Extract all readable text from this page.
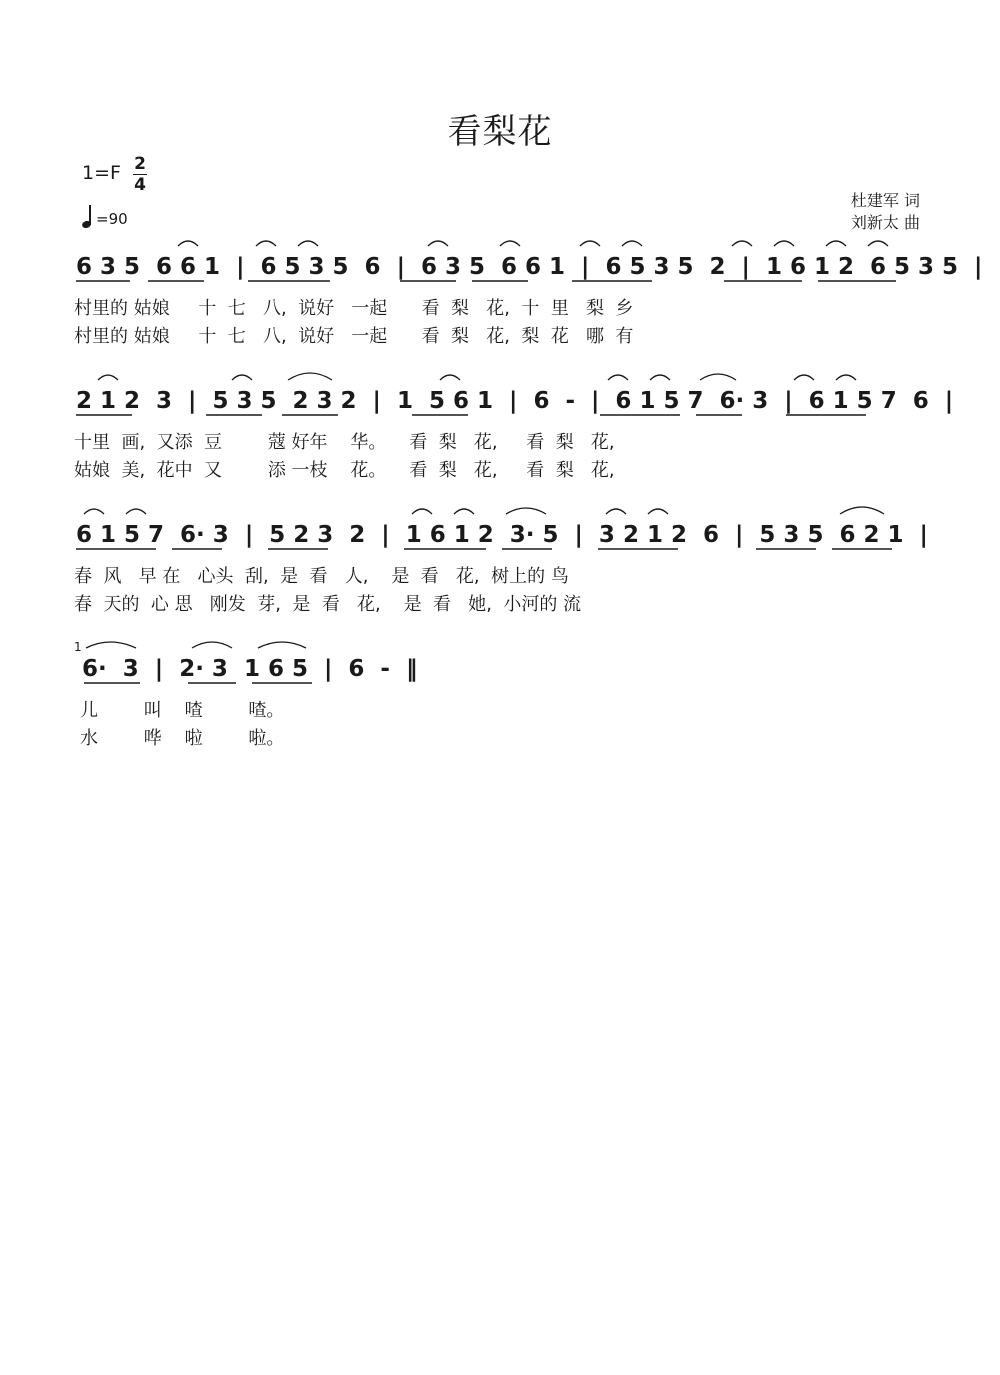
看梨花
1=F 2
4
=90
杜建军 词
刘新太 曲
6 3 5  6 6 1  |  6 5 3 5  6  |  6 3 5  6 6 1  |  6 5 3 5  2  |  1 6 1 2  6 5 3 5  |
村里的 姑娘     十  七   八,  说好   一起      看  梨   花,  十  里   梨  乡
村里的 姑娘     十  七   八,  说好   一起      看  梨   花,  梨  花   哪  有
2 1 2  3  |  5 3 5  2 3 2  |  1  5 6 1  |  6  -  |  6 1 5 7  6· 3  |  6 1 5 7  6  |
十里  画,  又添  豆        蔻 好年    华。    看  梨   花,     看  梨   花,
姑娘  美,  花中  又        添 一枝    花。    看  梨   花,     看  梨   花,
6 1 5 7  6· 3  |  5 2 3  2  |  1 6 1 2  3· 5  |  3 2 1 2  6  |  5 3 5  6 2 1  |
春  风   早 在   心头  刮,  是  看   人,    是  看   花,  树上的 鸟
春  天的  心 思   刚发  芽,  是  看   花,    是  看   她,  小河的 流
1
6·  3  |  2· 3  1 6 5  |  6  -  ‖
儿        叫    喳        喳。
水        哗    啦        啦。
